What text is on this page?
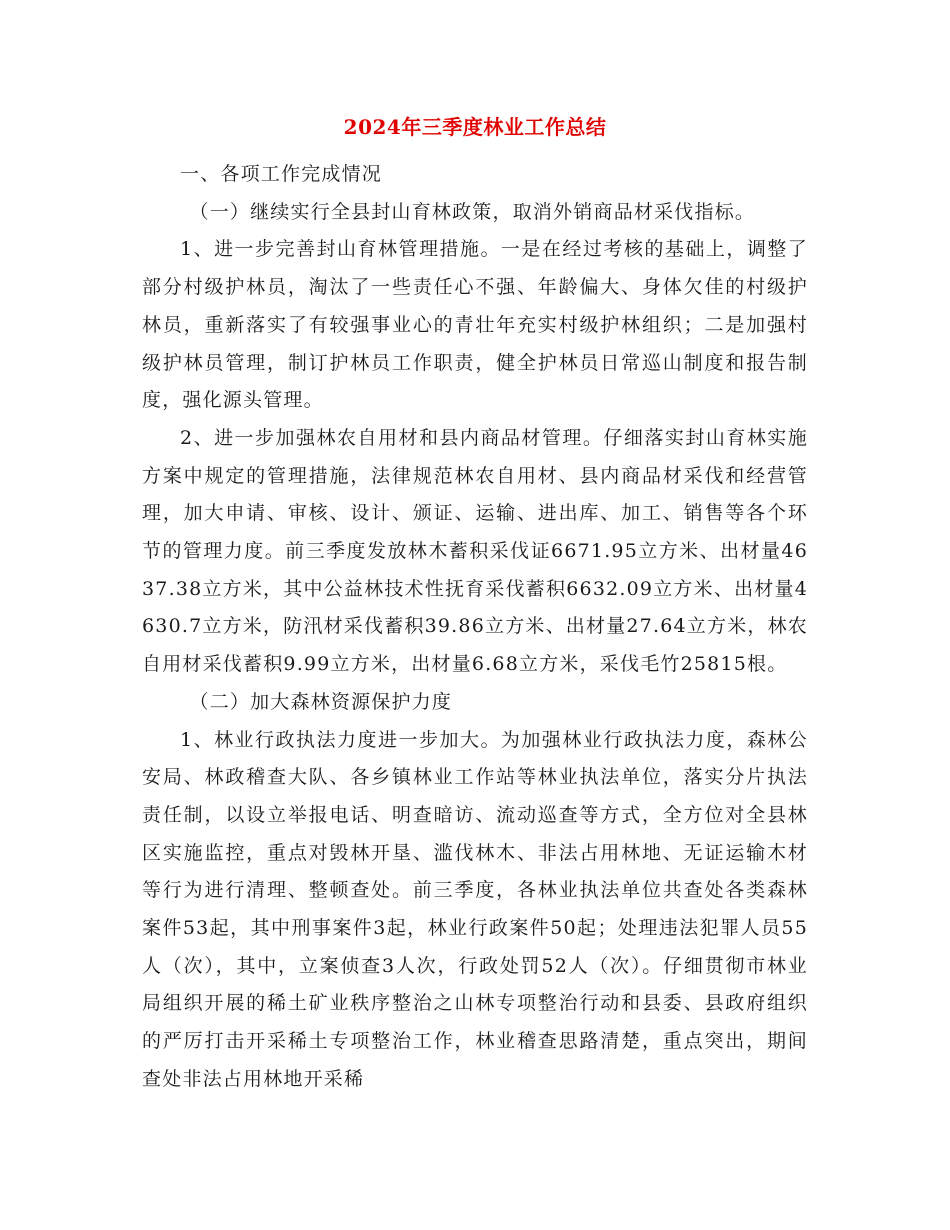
2024年三季度林业工作总结

一、各项工作完成情况

（一）继续实行全县封山育林政策，取消外销商品材采伐指标。

1、进一步完善封山育林管理措施。一是在经过考核的基础上，调整了部分村级护林员，淘汰了一些责任心不强、年龄偏大、身体欠佳的村级护林员，重新落实了有较强事业心的青壮年充实村级护林组织；二是加强村级护林员管理，制订护林员工作职责，健全护林员日常巡山制度和报告制度，强化源头管理。

2、进一步加强林农自用材和县内商品材管理。仔细落实封山育林实施方案中规定的管理措施，法律规范林农自用材、县内商品材采伐和经营管理，加大申请、审核、设计、颁证、运输、进出库、加工、销售等各个环节的管理力度。前三季度发放林木蓄积采伐证6671.95立方米、出材量4637.38立方米，其中公益林技术性抚育采伐蓄积6632.09立方米、出材量4630.7立方米，防汛材采伐蓄积39.86立方米、出材量27.64立方米，林农自用材采伐蓄积9.99立方米，出材量6.68立方米，采伐毛竹25815根。

（二）加大森林资源保护力度

1、林业行政执法力度进一步加大。为加强林业行政执法力度，森林公安局、林政稽查大队、各乡镇林业工作站等林业执法单位，落实分片执法责任制，以设立举报电话、明查暗访、流动巡查等方式，全方位对全县林区实施监控，重点对毁林开垦、滥伐林木、非法占用林地、无证运输木材等行为进行清理、整顿查处。前三季度，各林业执法单位共查处各类森林案件53起，其中刑事案件3起，林业行政案件50起；处理违法犯罪人员55人（次），其中，立案侦查3人次，行政处罚52人（次）。仔细贯彻市林业局组织开展的稀土矿业秩序整治之山林专项整治行动和县委、县政府组织的严厉打击开采稀土专项整治工作，林业稽查思路清楚，重点突出，期间查处非法占用林地开采稀
